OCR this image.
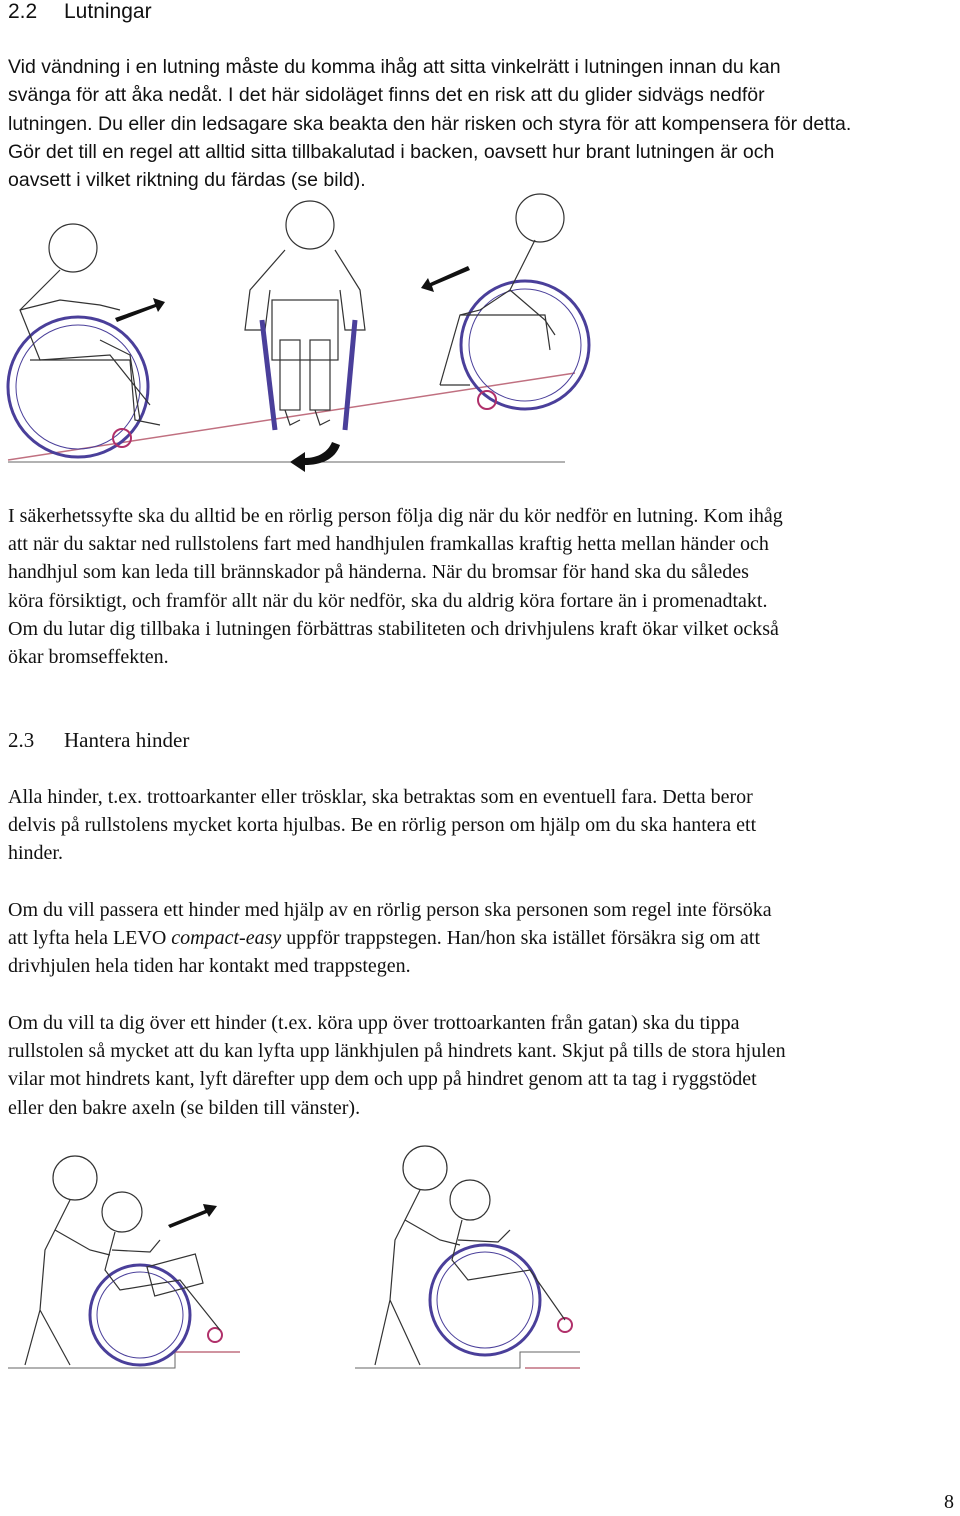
2.2 Lutningar
Vid vändning i en lutning måste du komma ihåg att sitta vinkelrätt i lutningen innan du kan
svänga för att åka nedåt. I det här sidoläget finns det en risk att du glider sidvägs nedför
lutningen. Du eller din ledsagare ska beakta den här risken och styra för att kompensera för detta.
Gör det till en regel att alltid sitta tillbakalutad i backen, oavsett hur brant lutningen är och
oavsett i vilket riktning du färdas (se bild).
I säkerhetssyfte ska du alltid be en rörlig person följa dig när du kör nedför en lutning. Kom ihåg
att när du saktar ned rullstolens fart med handhjulen framkallas kraftig hetta mellan händer och
handhjul som kan leda till brännskador på händerna. När du bromsar för hand ska du således
köra försiktigt, och framför allt när du kör nedför, ska du aldrig köra fortare än i promenadtakt.
Om du lutar dig tillbaka i lutningen förbättras stabiliteten och drivhjulens kraft ökar vilket också
ökar bromseffekten.
2.3 Hantera hinder
Alla hinder, t.ex. trottoarkanter eller trösklar, ska betraktas som en eventuell fara. Detta beror
delvis på rullstolens mycket korta hjulbas. Be en rörlig person om hjälp om du ska hantera ett
hinder.
Om du vill passera ett hinder med hjälp av en rörlig person ska personen som regel inte försöka
att lyfta hela LEVO compact-easy uppför trappstegen. Han/hon ska istället försäkra sig om att
drivhjulen hela tiden har kontakt med trappstegen.
Om du vill ta dig över ett hinder (t.ex. köra upp över trottoarkanten från gatan) ska du tippa
rullstolen så mycket att du kan lyfta upp länkhjulen på hindrets kant. Skjut på tills de stora hjulen
vilar mot hindrets kant, lyft därefter upp dem och upp på hindret genom att ta tag i ryggstödet
eller den bakre axeln (se bilden till vänster).
8
